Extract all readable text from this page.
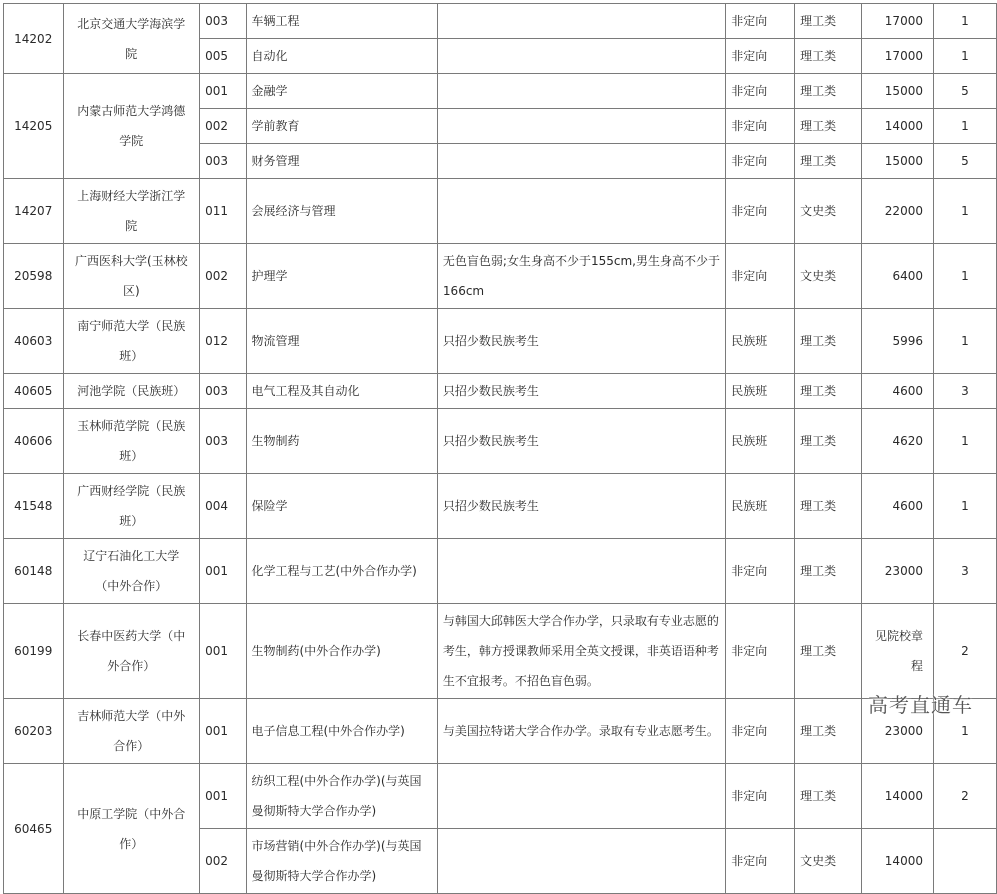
14202	北京交通大学海滨学院	003	车辆工程		非定向	理工类	17000	1
		005	自动化		非定向	理工类	17000	1
14205	内蒙古师范大学鸿德学院	001	金融学		非定向	理工类	15000	5
		002	学前教育		非定向	理工类	14000	1
		003	财务管理		非定向	理工类	15000	5
14207	上海财经大学浙江学院	011	会展经济与管理		非定向	文史类	22000	1
20598	广西医科大学(玉林校区)	002	护理学	无色盲色弱;女生身高不少于155cm,男生身高不少于166cm	非定向	文史类	6400	1
40603	南宁师范大学（民族班）	012	物流管理	只招少数民族考生	民族班	理工类	5996	1
40605	河池学院（民族班）	003	电气工程及其自动化	只招少数民族考生	民族班	理工类	4600	3
40606	玉林师范学院（民族班）	003	生物制药	只招少数民族考生	民族班	理工类	4620	1
41548	广西财经学院（民族班）	004	保险学	只招少数民族考生	民族班	理工类	4600	1
60148	辽宁石油化工大学（中外合作）	001	化学工程与工艺(中外合作办学)		非定向	理工类	23000	3
60199	长春中医药大学（中外合作）	001	生物制药(中外合作办学)	与韩国大邱韩医大学合作办学，只录取有专业志愿的考生，韩方授课教师采用全英文授课，非英语语种考生不宜报考。不招色盲色弱。	非定向	理工类	见院校章程	2
60203	吉林师范大学（中外合作）	001	电子信息工程(中外合作办学)	与美国拉特诺大学合作办学。录取有专业志愿考生。	非定向	理工类	23000	1
60465	中原工学院（中外合作）	001	纺织工程(中外合作办学)(与英国曼彻斯特大学合作办学)		非定向	理工类	14000	2
		002	市场营销(中外合作办学)(与英国曼彻斯特大学合作办学)		非定向	文史类	14000	
高考直通车
